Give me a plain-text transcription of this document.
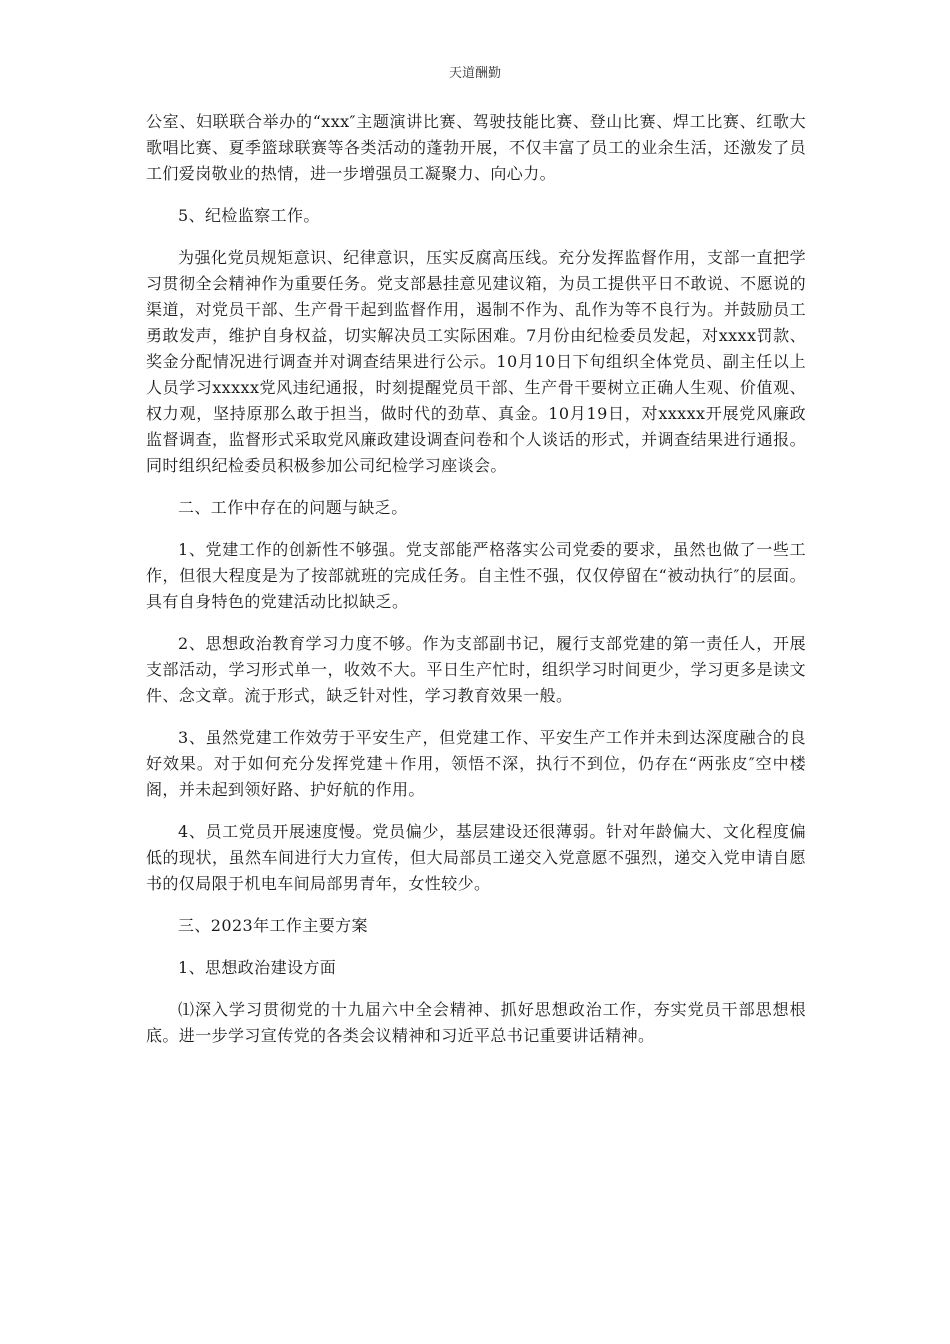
天道酬勤

公室、妇联联合举办的“xxx″主题演讲比赛、驾驶技能比赛、登山比赛、焊工比赛、红歌大歌唱比赛、夏季篮球联赛等各类活动的蓬勃开展，不仅丰富了员工的业余生活，还激发了员工们爱岗敬业的热情，进一步增强员工凝聚力、向心力。

5、纪检监察工作。

为强化党员规矩意识、纪律意识，压实反腐高压线。充分发挥监督作用，支部一直把学习贯彻全会精神作为重要任务。党支部悬挂意见建议箱，为员工提供平日不敢说、不愿说的渠道，对党员干部、生产骨干起到监督作用，遏制不作为、乱作为等不良行为。并鼓励员工勇敢发声，维护自身权益，切实解决员工实际困难。7月份由纪检委员发起，对xxxx罚款、奖金分配情况进行调查并对调查结果进行公示。10月10日下旬组织全体党员、副主任以上人员学习xxxxx党风违纪通报，时刻提醒党员干部、生产骨干要树立正确人生观、价值观、权力观，坚持原那么敢于担当，做时代的劲草、真金。10月19日，对xxxxx开展党风廉政监督调查，监督形式采取党风廉政建设调查问卷和个人谈话的形式，并调查结果进行通报。同时组织纪检委员积极参加公司纪检学习座谈会。

二、工作中存在的问题与缺乏。

1、党建工作的创新性不够强。党支部能严格落实公司党委的要求，虽然也做了一些工作，但很大程度是为了按部就班的完成任务。自主性不强，仅仅停留在“被动执行″的层面。具有自身特色的党建活动比拟缺乏。

2、思想政治教育学习力度不够。作为支部副书记，履行支部党建的第一责任人，开展支部活动，学习形式单一，收效不大。平日生产忙时，组织学习时间更少，学习更多是读文件、念文章。流于形式，缺乏针对性，学习教育效果一般。

3、虽然党建工作效劳于平安生产，但党建工作、平安生产工作并未到达深度融合的良好效果。对于如何充分发挥党建＋作用，领悟不深，执行不到位，仍存在“两张皮″空中楼阁，并未起到领好路、护好航的作用。

4、员工党员开展速度慢。党员偏少，基层建设还很薄弱。针对年龄偏大、文化程度偏低的现状，虽然车间进行大力宣传，但大局部员工递交入党意愿不强烈，递交入党申请自愿书的仅局限于机电车间局部男青年，女性较少。

三、2023年工作主要方案

1、思想政治建设方面

⑴深入学习贯彻党的十九届六中全会精神、抓好思想政治工作，夯实党员干部思想根底。进一步学习宣传党的各类会议精神和习近平总书记重要讲话精神。
